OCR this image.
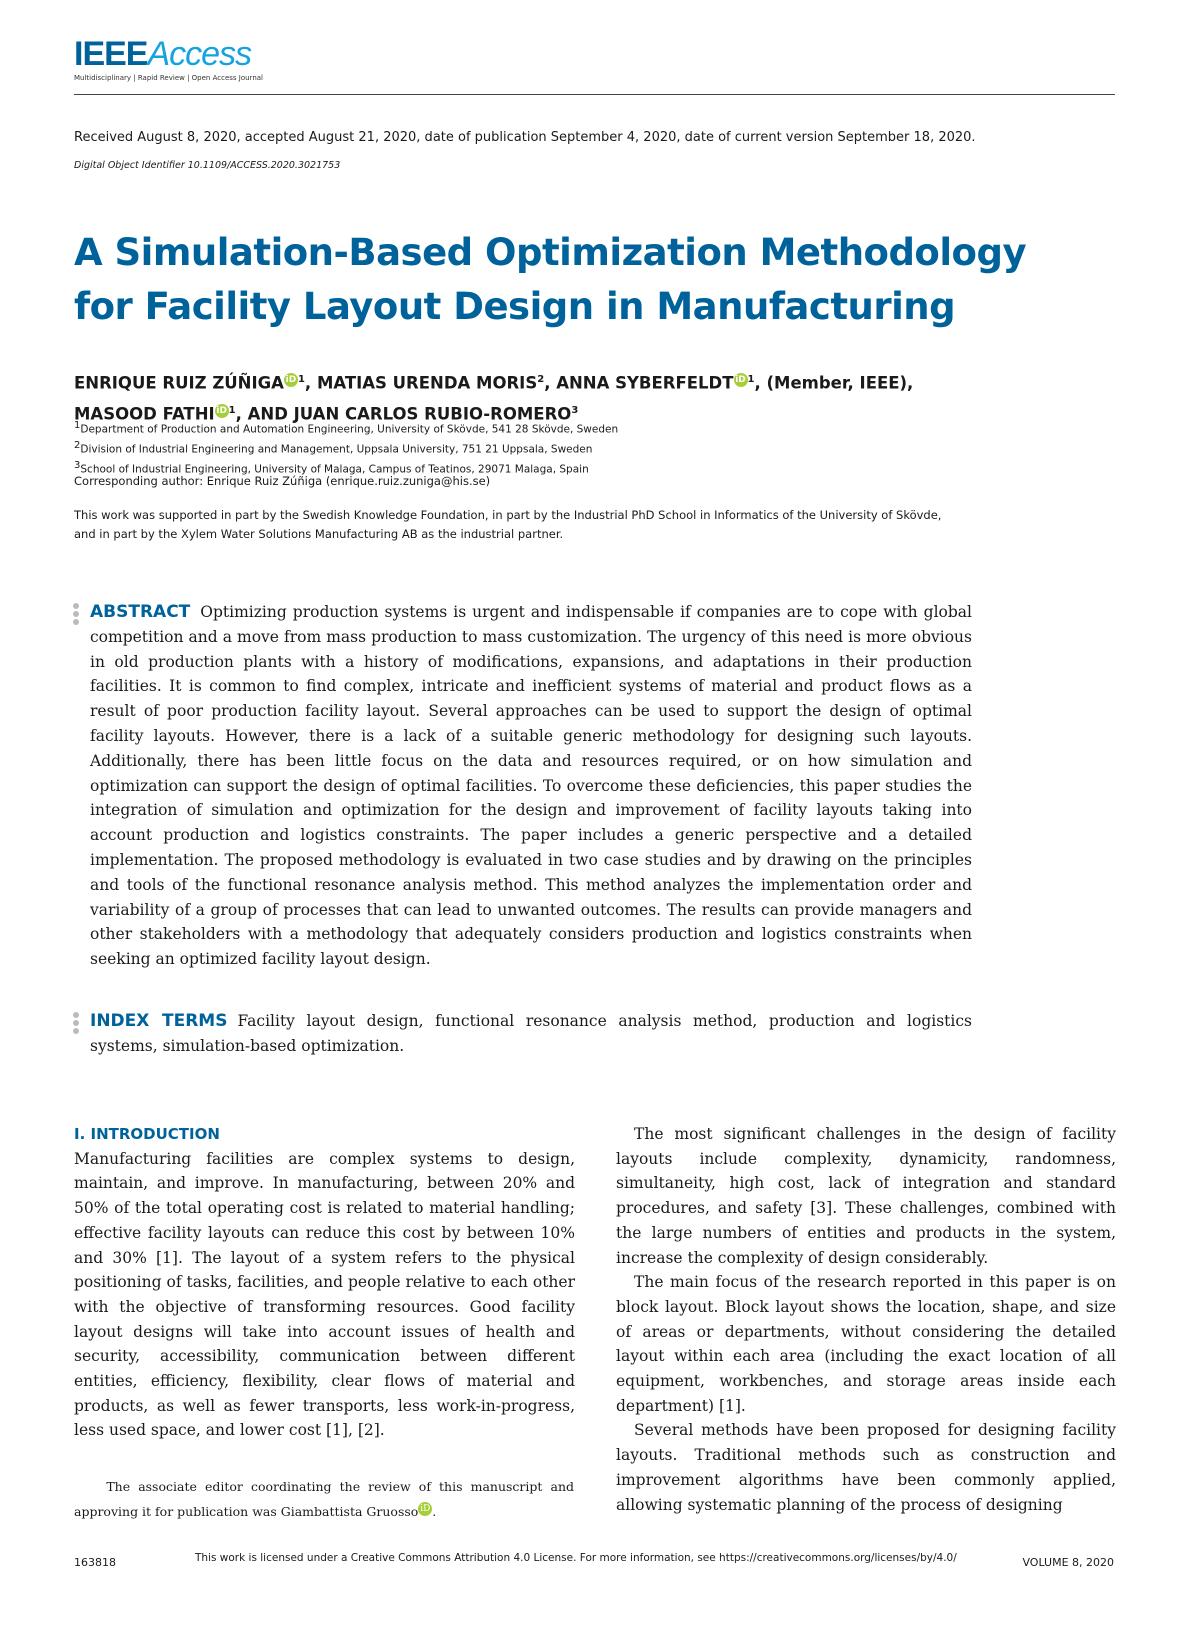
IEEEAccess
Multidisciplinary | Rapid Review | Open Access Journal
Received August 8, 2020, accepted August 21, 2020, date of publication September 4, 2020, date of current version September 18, 2020.
Digital Object Identifier 10.1109/ACCESS.2020.3021753
A Simulation-Based Optimization Methodology for Facility Layout Design in Manufacturing
ENRIQUE RUIZ ZÚÑIGA iD $^1$, MATIAS URENDA MORIS$^2$, ANNA SYBERFELDT iD $^1$, (Member, IEEE),
MASOOD FATHI iD $^1$, AND JUAN CARLOS RUBIO-ROMERO$^3$
$^1$Department of Production and Automation Engineering, University of Skövde, 541 28 Skövde, Sweden
$^2$Division of Industrial Engineering and Management, Uppsala University, 751 21 Uppsala, Sweden
$^3$School of Industrial Engineering, University of Malaga, Campus of Teatinos, 29071 Malaga, Spain
Corresponding author: Enrique Ruiz Zúñiga (enrique.ruiz.zuniga@his.se)
This work was supported in part by the Swedish Knowledge Foundation, in part by the Industrial PhD School in Informatics of the University of Skövde, and in part by the Xylem Water Solutions Manufacturing AB as the industrial partner.
ABSTRACT Optimizing production systems is urgent and indispensable if companies are to cope with global competition and a move from mass production to mass customization. The urgency of this need is more obvious in old production plants with a history of modifications, expansions, and adaptations in their production facilities. It is common to find complex, intricate and inefficient systems of material and product flows as a result of poor production facility layout. Several approaches can be used to support the design of optimal facility layouts. However, there is a lack of a suitable generic methodology for designing such layouts. Additionally, there has been little focus on the data and resources required, or on how simulation and optimization can support the design of optimal facilities. To overcome these deficiencies, this paper studies the integration of simulation and optimization for the design and improvement of facility layouts taking into account production and logistics constraints. The paper includes a generic perspective and a detailed implementation. The proposed methodology is evaluated in two case studies and by drawing on the principles and tools of the functional resonance analysis method. This method analyzes the implementation order and variability of a group of processes that can lead to unwanted outcomes. The results can provide managers and other stakeholders with a methodology that adequately considers production and logistics constraints when seeking an optimized facility layout design.
INDEX TERMS Facility layout design, functional resonance analysis method, production and logistics systems, simulation-based optimization.
I. INTRODUCTION

Manufacturing facilities are complex systems to design, maintain, and improve. In manufacturing, between 20% and 50% of the total operating cost is related to material handling; effective facility layouts can reduce this cost by between 10% and 30% [1]. The layout of a system refers to the physical positioning of tasks, facilities, and people relative to each other with the objective of transforming resources. Good facility layout designs will take into account issues of health and security, accessibility, communication between different entities, efficiency, flexibility, clear flows of material and products, as well as fewer transports, less work-in-progress, less used space, and lower cost [1], [2].

The most significant challenges in the design of facility layouts include complexity, dynamicity, randomness, simultaneity, high cost, lack of integration and standard procedures, and safety [3]. These challenges, combined with the large numbers of entities and products in the system, increase the complexity of design considerably.

The main focus of the research reported in this paper is on block layout. Block layout shows the location, shape, and size of areas or departments, without considering the detailed layout within each area (including the exact location of all equipment, workbenches, and storage areas inside each department) [1].

Several methods have been proposed for designing facility layouts. Traditional methods such as construction and improvement algorithms have been commonly applied, allowing systematic planning of the process of designing

The associate editor coordinating the review of this manuscript and approving it for publication was Giambattista Gruosso iD .
163818	This work is licensed under a Creative Commons Attribution 4.0 License. For more information, see https://creativecommons.org/licenses/by/4.0/	VOLUME 8, 2020
